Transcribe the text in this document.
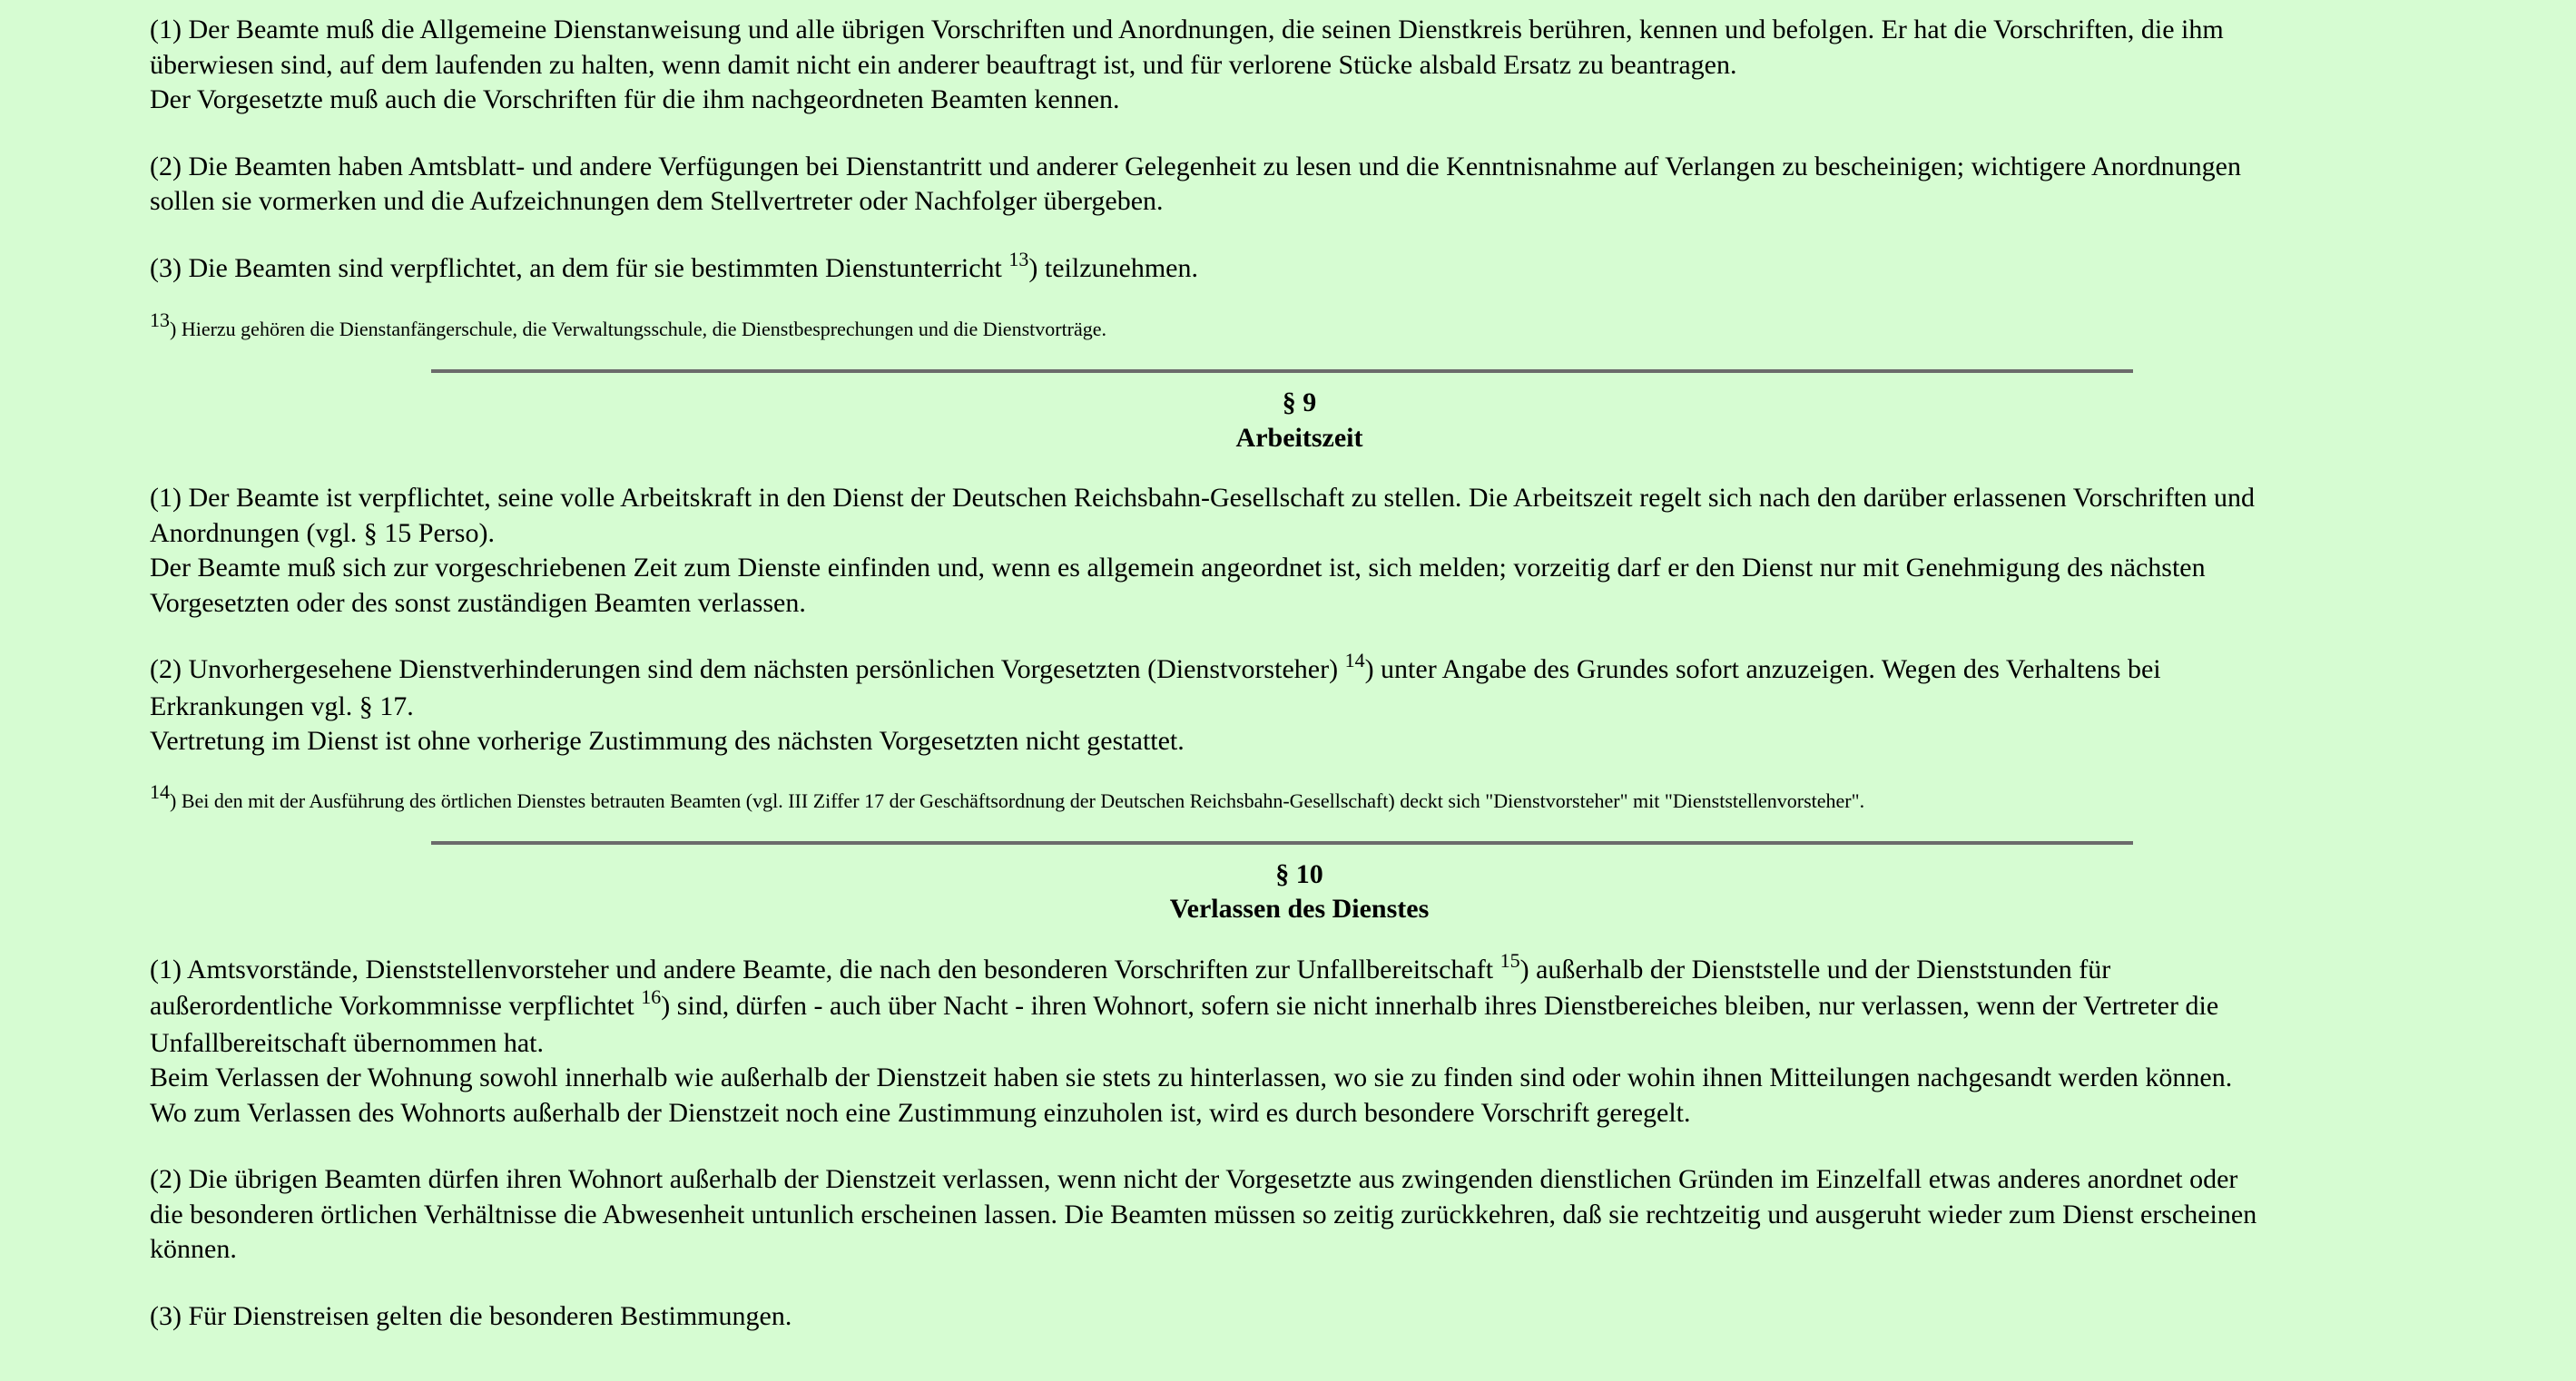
(1) Der Beamte muß die Allgemeine Dienstanweisung und alle übrigen Vorschriften und Anordnungen, die seinen Dienstkreis berühren, kennen und befolgen. Er hat die Vorschriften, die ihm

überwiesen sind, auf dem laufenden zu halten, wenn damit nicht ein anderer beauftragt ist, und für verlorene Stücke alsbald Ersatz zu beantragen.

Der Vorgesetzte muß auch die Vorschriften für die ihm nachgeordneten Beamten kennen.

(2) Die Beamten haben Amtsblatt- und andere Verfügungen bei Dienstantritt und anderer Gelegenheit zu lesen und die Kenntnisnahme auf Verlangen zu bescheinigen; wichtigere Anordnungen

sollen sie vormerken und die Aufzeichnungen dem Stellvertreter oder Nachfolger übergeben.

(3) Die Beamten sind verpflichtet, an dem für sie bestimmten Dienstunterricht $^{13}$) teilzunehmen.

$^{13}$) Hierzu gehören die Dienstanfängerschule, die Verwaltungsschule, die Dienstbesprechungen und die Dienstvorträge.

§ 9
Arbeitszeit

(1) Der Beamte ist verpflichtet, seine volle Arbeitskraft in den Dienst der Deutschen Reichsbahn-Gesellschaft zu stellen. Die Arbeitszeit regelt sich nach den darüber erlassenen Vorschriften und

Anordnungen (vgl. § 15 Perso).

Der Beamte muß sich zur vorgeschriebenen Zeit zum Dienste einfinden und, wenn es allgemein angeordnet ist, sich melden; vorzeitig darf er den Dienst nur mit Genehmigung des nächsten

Vorgesetzten oder des sonst zuständigen Beamten verlassen.

(2) Unvorhergesehene Dienstverhinderungen sind dem nächsten persönlichen Vorgesetzten (Dienstvorsteher) $^{14}$) unter Angabe des Grundes sofort anzuzeigen. Wegen des Verhaltens bei

Erkrankungen vgl. § 17.

Vertretung im Dienst ist ohne vorherige Zustimmung des nächsten Vorgesetzten nicht gestattet.

$^{14}$) Bei den mit der Ausführung des örtlichen Dienstes betrauten Beamten (vgl. III Ziffer 17 der Geschäftsordnung der Deutschen Reichsbahn-Gesellschaft) deckt sich "Dienstvorsteher" mit "Dienststellenvorsteher".

§ 10
Verlassen des Dienstes

(1) Amtsvorstände, Dienststellenvorsteher und andere Beamte, die nach den besonderen Vorschriften zur Unfallbereitschaft $^{15}$) außerhalb der Dienststelle und der Dienststunden für

außerordentliche Vorkommnisse verpflichtet $^{16}$) sind, dürfen - auch über Nacht - ihren Wohnort, sofern sie nicht innerhalb ihres Dienstbereiches bleiben, nur verlassen, wenn der Vertreter die

Unfallbereitschaft übernommen hat.

Beim Verlassen der Wohnung sowohl innerhalb wie außerhalb der Dienstzeit haben sie stets zu hinterlassen, wo sie zu finden sind oder wohin ihnen Mitteilungen nachgesandt werden können.

Wo zum Verlassen des Wohnorts außerhalb der Dienstzeit noch eine Zustimmung einzuholen ist, wird es durch besondere Vorschrift geregelt.

(2) Die übrigen Beamten dürfen ihren Wohnort außerhalb der Dienstzeit verlassen, wenn nicht der Vorgesetzte aus zwingenden dienstlichen Gründen im Einzelfall etwas anderes anordnet oder

die besonderen örtlichen Verhältnisse die Abwesenheit untunlich erscheinen lassen. Die Beamten müssen so zeitig zurückkehren, daß sie rechtzeitig und ausgeruht wieder zum Dienst erscheinen

können.

(3) Für Dienstreisen gelten die besonderen Bestimmungen.
